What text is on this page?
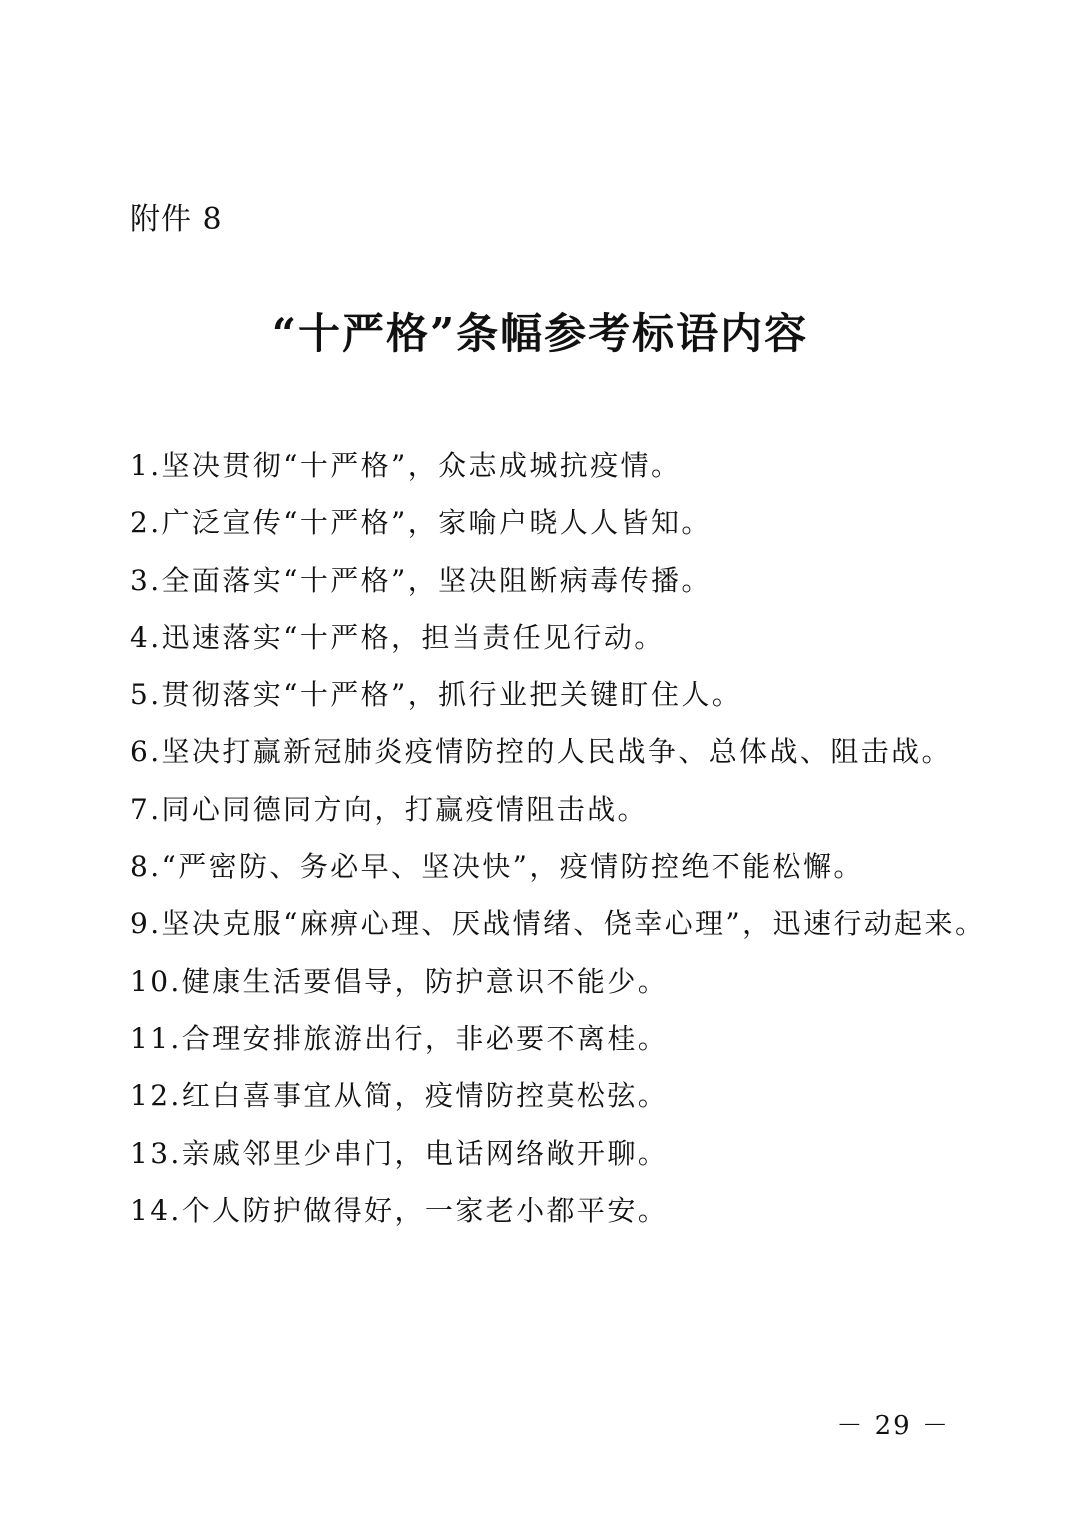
附件 8
“十严格”条幅参考标语内容
1.坚决贯彻“十严格”，众志成城抗疫情。
2.广泛宣传“十严格”，家喻户晓人人皆知。
3.全面落实“十严格”，坚决阻断病毒传播。
4.迅速落实“十严格，担当责任见行动。
5.贯彻落实“十严格”，抓行业把关键盯住人。
6.坚决打赢新冠肺炎疫情防控的人民战争、总体战、阻击战。
7.同心同德同方向，打赢疫情阻击战。
8.“严密防、务必早、坚决快”，疫情防控绝不能松懈。
9.坚决克服“麻痹心理、厌战情绪、侥幸心理”，迅速行动起来。
10.健康生活要倡导，防护意识不能少。
11.合理安排旅游出行，非必要不离桂。
12.红白喜事宜从简，疫情防控莫松弦。
13.亲戚邻里少串门，电话网络敞开聊。
14.个人防护做得好，一家老小都平安。
－ 29 －
